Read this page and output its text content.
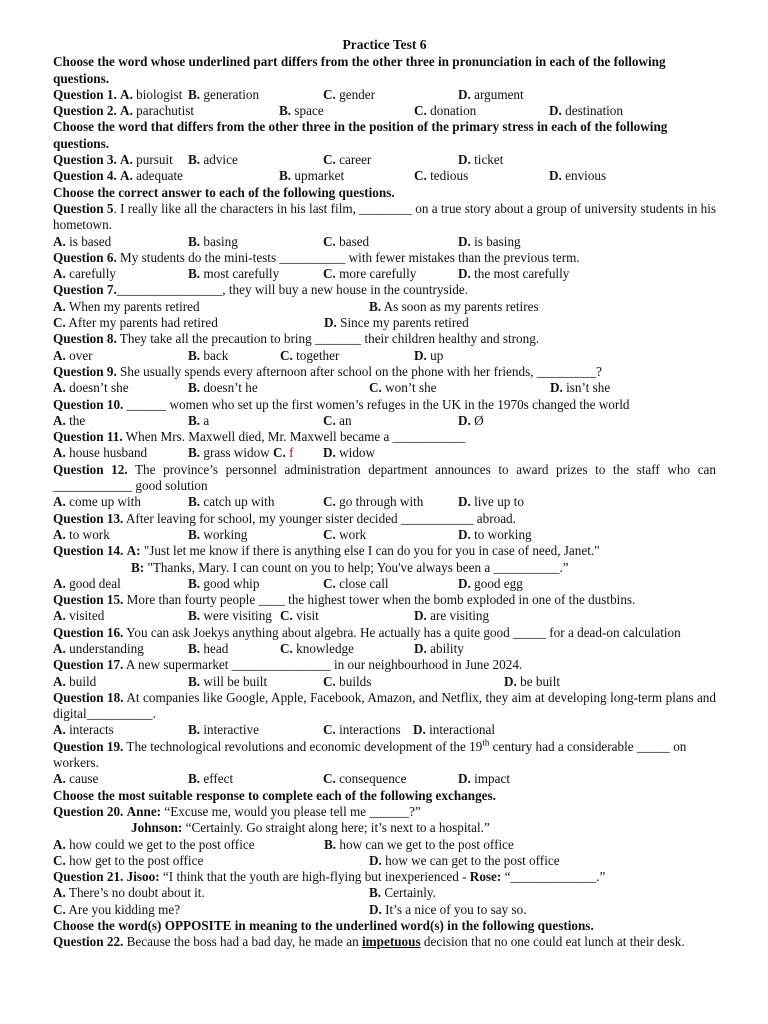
Practice Test 6
Choose the word whose underlined part differs from the other three in pronunciation in each of the following questions.
Question 1. A. biologist B. generation	C. gender	D. argument
Question 2. A. parachutist	B. space	C. donation	D. destination
Choose the word that differs from the other three in the position of the primary stress in each of the following questions.
Question 3. A. pursuit	B. advice	C. career	D. ticket
Question 4. A. adequate	B. upmarket	C. tedious	D. envious
Choose the correct answer to each of the following questions.
Question 5. I really like all the characters in his last film, ________ on a true story about a group of university students in his hometown.
A. is based	B. basing	C. based	D. is basing
Question 6. My students do the mini-tests __________ with fewer mistakes than the previous term.
A. carefully	B. most carefully	C. more carefully	D. the most carefully
Question 7.________________, they will buy a new house in the countryside.
A. When my parents retired	B. As soon as my parents retires
C. After my parents had retired	D. Since my parents retired
Question 8. They take all the precaution to bring _______ their children healthy and strong.
A. over	B. back	C. together	D. up
Question 9. She usually spends every afternoon after school on the phone with her friends, _________?
A. doesn’t she	B. doesn’t he	C. won’t she	D. isn’t she
Question 10. ______ women who set up the first women’s refuges in the UK in the 1970s changed the world
A. the	B. a	C. an	D. Ø
Question 11. When Mrs. Maxwell died, Mr. Maxwell became a ___________
A. house husband	B. grass widow C. f	D. widow
Question 12. The province’s personnel administration department announces to award prizes to the staff who can ____________ good solution
A. come up with	B. catch up with	C. go through with	D. live up to
Question 13. After leaving for school, my younger sister decided ___________ abroad.
A. to work	B. working	C. work	D. to working
Question 14. A: "Just let me know if there is anything else I can do you for you in case of need, Janet."
B: "Thanks, Mary. I can count on you to help; You've always been a __________.”
A. good deal	B. good whip	C. close call	D. good egg
Question 15. More than fourty people ____ the highest tower when the bomb exploded in one of the dustbins.
A. visited	B. were visiting C. visit	D. are visiting
Question 16. You can ask Joekys anything about algebra. He actually has a quite good _____ for a dead-on calculation
A. understanding	B. head	C. knowledge	D. ability
Question 17. A new supermarket _______________ in our neighbourhood in June 2024.
A. build	B. will be built	C. builds	D. be built
Question 18. At companies like Google, Apple, Facebook, Amazon, and Netflix, they aim at developing long-term plans and digital__________.
A. interacts	B. interactive	C. interactions D. interactional
Question 19. The technological revolutions and economic development of the 19th century had a considerable _____ on workers.
A. cause	B. effect	C. consequence	D. impact
Choose the most suitable response to complete each of the following exchanges.
Question 20. Anne: “Excuse me, would you please tell me ______?”
Johnson: “Certainly. Go straight along here; it’s next to a hospital.”
A. how could we get to the post office	B. how can we get to the post office
C. how get to the post office	D. how we can get to the post office
Question 21. Jisoo: “I think that the youth are high-flying but inexperienced - Rose: “_____________.”
A. There’s no doubt about it.	B. Certainly.
C. Are you kidding me?	D. It’s a nice of you to say so.
Choose the word(s) OPPOSITE in meaning to the underlined word(s) in the following questions.
Question 22. Because the boss had a bad day, he made an impetuous decision that no one could eat lunch at their desk.
